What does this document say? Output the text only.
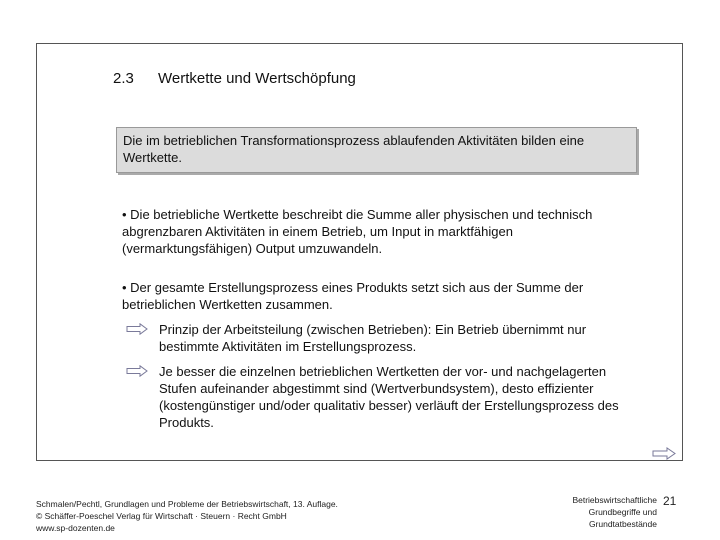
2.3 Wertkette und Wertschöpfung
Die im betrieblichen Transformationsprozess ablaufenden Aktivitäten bilden eine Wertkette.
• Die betriebliche Wertkette beschreibt die Summe aller physischen und technisch abgrenzbaren Aktivitäten in einem Betrieb, um Input in marktfähigen (vermarktungsfähigen) Output umzuwandeln.
• Der gesamte Erstellungsprozess eines Produkts setzt sich aus der Summe der betrieblichen Wertketten zusammen.
Prinzip der Arbeitsteilung (zwischen Betrieben): Ein Betrieb übernimmt nur bestimmte Aktivitäten im Erstellungsprozess.
Je besser die einzelnen betrieblichen Wertketten der vor- und nachgelagerten Stufen aufeinander abgestimmt sind (Wertverbundsystem), desto effizienter (kostengünstiger und/oder qualitativ besser) verläuft der Erstellungsprozess des Produkts.
Schmalen/Pechtl, Grundlagen und Probleme der Betriebswirtschaft, 13. Auflage.
© Schäffer-Poeschel Verlag für Wirtschaft · Steuern · Recht GmbH
www.sp-dozenten.de
Betriebswirtschaftliche
Grundbegriffe und
Grundtatbestände
21
